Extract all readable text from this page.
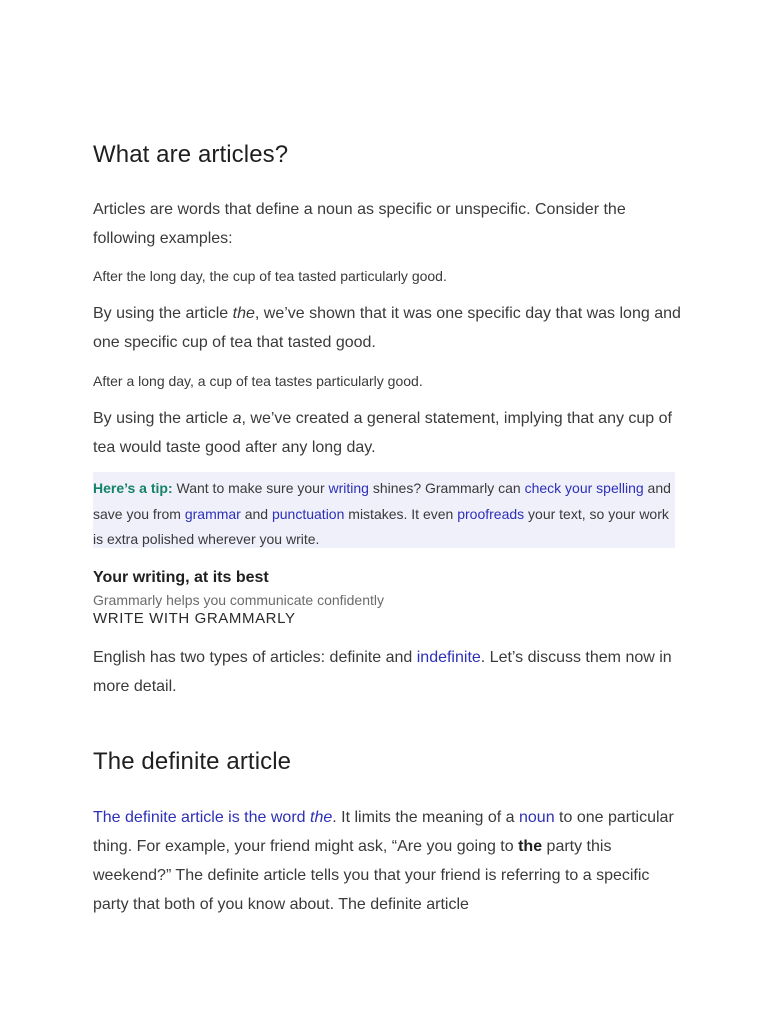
What are articles?

Articles are words that define a noun as specific or unspecific. Consider the following examples:

After the long day, the cup of tea tasted particularly good.

By using the article the, we’ve shown that it was one specific day that was long and one specific cup of tea that tasted good.

After a long day, a cup of tea tastes particularly good.

By using the article a, we’ve created a general statement, implying that any cup of tea would taste good after any long day.

Here’s a tip: Want to make sure your writing shines? Grammarly can check your spelling and save you from grammar and punctuation mistakes. It even proofreads your text, so your work is extra polished wherever you write.
Your writing, at its best
Grammarly helps you communicate confidently
WRITE WITH GRAMMARLY

English has two types of articles: definite and indefinite. Let’s discuss them now in more detail.

The definite article

The definite article is the word the. It limits the meaning of a noun to one particular thing. For example, your friend might ask, “Are you going to the party this weekend?” The definite article tells you that your friend is referring to a specific party that both of you know about. The definite article
